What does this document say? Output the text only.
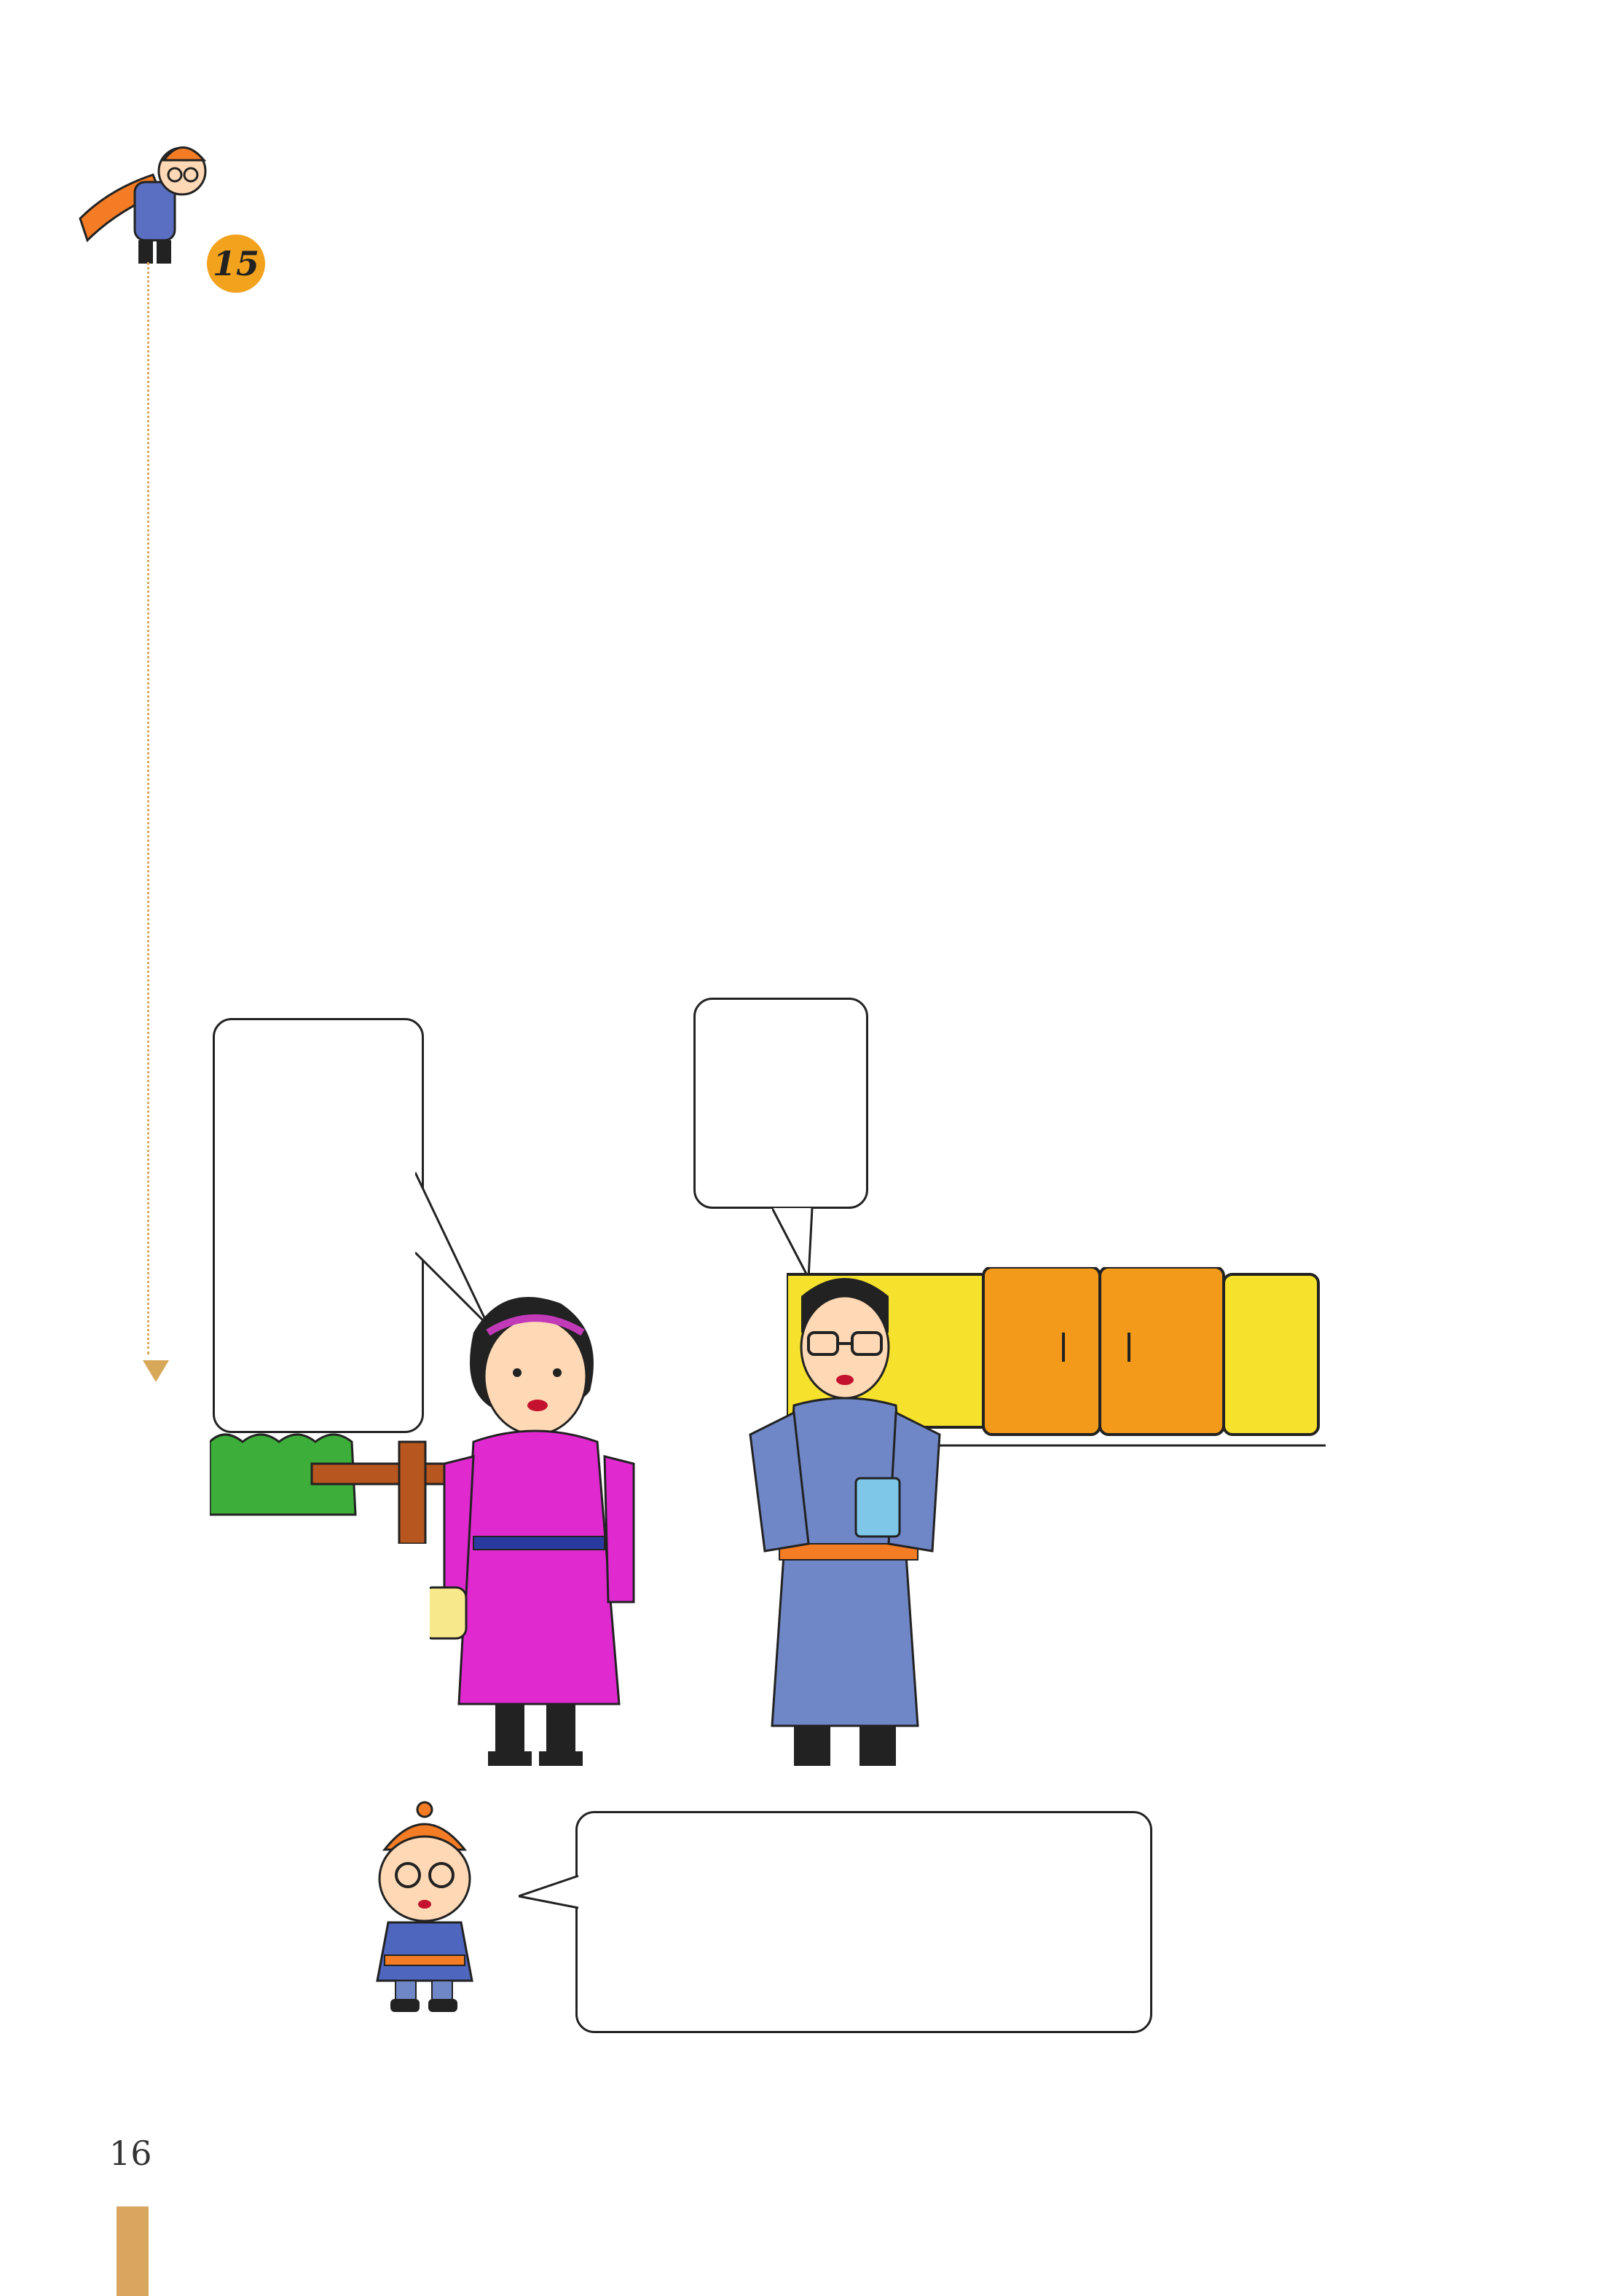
15
16
